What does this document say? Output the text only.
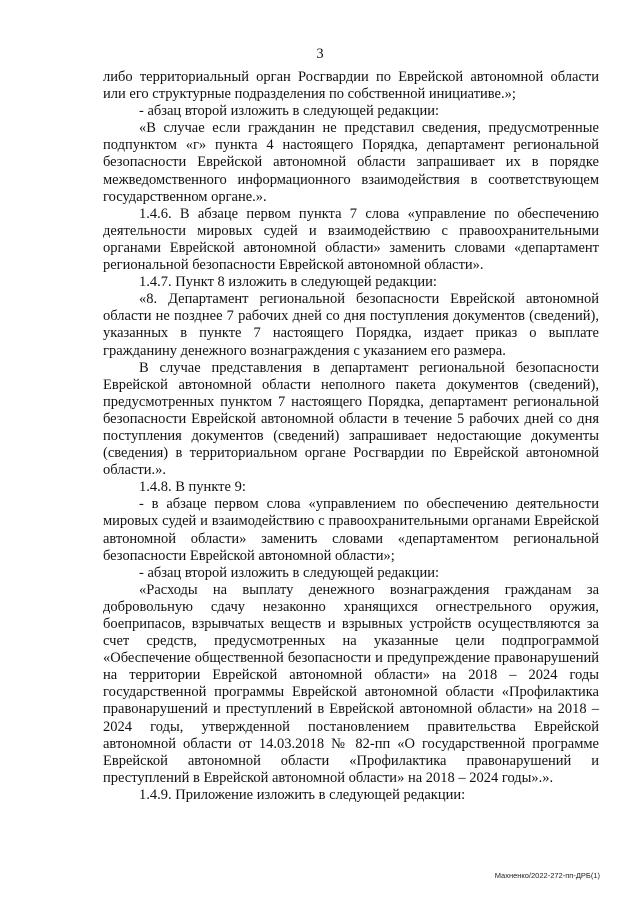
3

либо территориальный орган Росгвардии по Еврейской автономной области или его структурные подразделения по собственной инициативе.»;

- абзац второй изложить в следующей редакции:

«В случае если гражданин не представил сведения, предусмотренные подпунктом «г» пункта 4 настоящего Порядка, департамент региональной безопасности Еврейской автономной области запрашивает их в порядке межведомственного информационного взаимодействия в соответствующем государственном органе.».

1.4.6. В абзаце первом пункта 7 слова «управление по обеспечению деятельности мировых судей и взаимодействию с правоохранительными органами Еврейской автономной области» заменить словами «департамент региональной безопасности Еврейской автономной области».

1.4.7. Пункт 8 изложить в следующей редакции:

«8. Департамент региональной безопасности Еврейской автономной области не позднее 7 рабочих дней со дня поступления документов (сведений), указанных в пункте 7 настоящего Порядка, издает приказ о выплате гражданину денежного вознаграждения с указанием его размера.

В случае представления в департамент региональной безопасности Еврейской автономной области неполного пакета документов (сведений), предусмотренных пунктом 7 настоящего Порядка, департамент региональной безопасности Еврейской автономной области в течение 5 рабочих дней со дня поступления документов (сведений) запрашивает недостающие документы (сведения) в территориальном органе Росгвардии по Еврейской автономной области.».

1.4.8. В пункте 9:

- в абзаце первом слова «управлением по обеспечению деятельности мировых судей и взаимодействию с правоохранительными органами Еврейской автономной области» заменить словами «департаментом региональной безопасности Еврейской автономной области»;

- абзац второй изложить в следующей редакции:

«Расходы на выплату денежного вознаграждения гражданам за добровольную сдачу незаконно хранящихся огнестрельного оружия, боеприпасов, взрывчатых веществ и взрывных устройств осуществляются за счет средств, предусмотренных на указанные цели подпрограммой «Обеспечение общественной безопасности и предупреждение правонарушений на территории Еврейской автономной области» на 2018 – 2024 годы государственной программы Еврейской автономной области «Профилактика правонарушений и преступлений в Еврейской автономной области» на 2018 – 2024 годы, утвержденной постановлением правительства Еврейской автономной области от 14.03.2018 № 82-пп «О государственной программе Еврейской автономной области «Профилактика правонарушений и преступлений в Еврейской автономной области» на 2018 – 2024 годы».».

1.4.9. Приложение изложить в следующей редакции:

Махненко/2022-272-пп-ДРБ(1)
